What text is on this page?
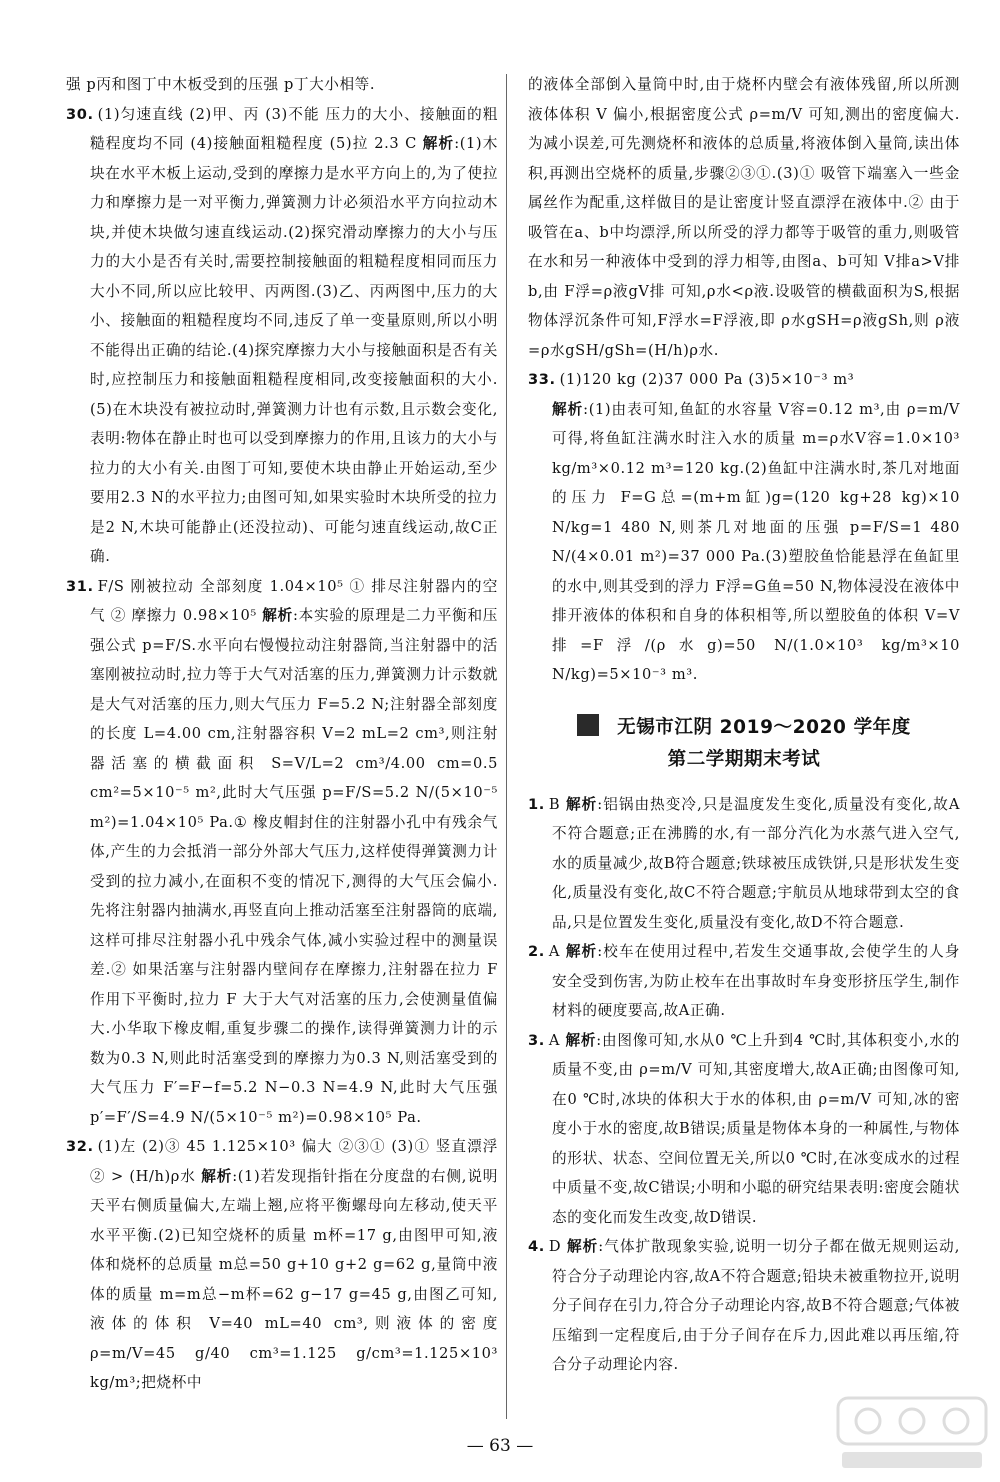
强 p丙和图丁中木板受到的压强 p丁大小相等.

30. (1)匀速直线 (2)甲、丙 (3)不能 压力的大小、接触面的粗糙程度均不同 (4)接触面粗糙程度 (5)拉 2.3 C 解析:(1)木块在水平木板上运动,受到的摩擦力是水平方向上的,为了使拉力和摩擦力是一对平衡力,弹簧测力计必须沿水平方向拉动木块,并使木块做匀速直线运动.(2)探究滑动摩擦力的大小与压力的大小是否有关时,需要控制接触面的粗糙程度相同而压力大小不同,所以应比较甲、丙两图.(3)乙、丙两图中,压力的大小、接触面的粗糙程度均不同,违反了单一变量原则,所以小明不能得出正确的结论.(4)探究摩擦力大小与接触面积是否有关时,应控制压力和接触面粗糙程度相同,改变接触面积的大小.(5)在木块没有被拉动时,弹簧测力计也有示数,且示数会变化,表明:物体在静止时也可以受到摩擦力的作用,且该力的大小与拉力的大小有关.由图丁可知,要使木块由静止开始运动,至少要用2.3 N的水平拉力;由图可知,如果实验时木块所受的拉力是2 N,木块可能静止(还没拉动)、可能匀速直线运动,故C正确.

31. F/S 刚被拉动 全部刻度 1.04×10⁵ ① 排尽注射器内的空气 ② 摩擦力 0.98×10⁵ 解析:本实验的原理是二力平衡和压强公式 p=F/S.水平向右慢慢拉动注射器筒,当注射器中的活塞刚被拉动时,拉力等于大气对活塞的压力,弹簧测力计示数就是大气对活塞的压力,则大气压力 F=5.2 N;注射器全部刻度的长度 L=4.00 cm,注射器容积 V=2 mL=2 cm³,则注射器活塞的横截面积 S=V/L=2 cm³/4.00 cm=0.5 cm²=5×10⁻⁵ m²,此时大气压强 p=F/S=5.2 N/(5×10⁻⁵ m²)=1.04×10⁵ Pa.① 橡皮帽封住的注射器小孔中有残余气体,产生的力会抵消一部分外部大气压力,这样使得弹簧测力计受到的拉力减小,在面积不变的情况下,测得的大气压会偏小.先将注射器内抽满水,再竖直向上推动活塞至注射器筒的底端,这样可排尽注射器小孔中残余气体,减小实验过程中的测量误差.② 如果活塞与注射器内壁间存在摩擦力,注射器在拉力 F 作用下平衡时,拉力 F 大于大气对活塞的压力,会使测量值偏大.小华取下橡皮帽,重复步骤二的操作,读得弹簧测力计的示数为0.3 N,则此时活塞受到的摩擦力为0.3 N,则活塞受到的大气压力 F′=F−f=5.2 N−0.3 N=4.9 N,此时大气压强 p′=F′/S=4.9 N/(5×10⁻⁵ m²)=0.98×10⁵ Pa.

32. (1)左 (2)③ 45 1.125×10³ 偏大 ②③① (3)① 竖直漂浮 ② > (H/h)ρ水 解析:(1)若发现指针指在分度盘的右侧,说明天平右侧质量偏大,左端上翘,应将平衡螺母向左移动,使天平水平平衡.(2)已知空烧杯的质量 m杯=17 g,由图甲可知,液体和烧杯的总质量 m总=50 g+10 g+2 g=62 g,量筒中液体的质量 m=m总−m杯=62 g−17 g=45 g,由图乙可知,液体的体积 V=40 mL=40 cm³,则液体的密度 ρ=m/V=45 g/40 cm³=1.125 g/cm³=1.125×10³ kg/m³;把烧杯中

的液体全部倒入量筒中时,由于烧杯内壁会有液体残留,所以所测液体体积 V 偏小,根据密度公式 ρ=m/V 可知,测出的密度偏大.为减小误差,可先测烧杯和液体的总质量,将液体倒入量筒,读出体积,再测出空烧杯的质量,步骤②③①.(3)① 吸管下端塞入一些金属丝作为配重,这样做目的是让密度计竖直漂浮在液体中.② 由于吸管在a、b中均漂浮,所以所受的浮力都等于吸管的重力,则吸管在水和另一种液体中受到的浮力相等,由图a、b可知 V排a>V排b,由 F浮=ρ液gV排 可知,ρ水<ρ液.设吸管的横截面积为S,根据物体浮沉条件可知,F浮水=F浮液,即 ρ水gSH=ρ液gSh,则 ρ液=ρ水gSH/gSh=(H/h)ρ水.

33. (1)120 kg (2)37 000 Pa (3)5×10⁻³ m³
解析:(1)由表可知,鱼缸的水容量 V容=0.12 m³,由 ρ=m/V 可得,将鱼缸注满水时注入水的质量 m=ρ水V容=1.0×10³ kg/m³×0.12 m³=120 kg.(2)鱼缸中注满水时,茶几对地面的压力 F=G总=(m+m缸)g=(120 kg+28 kg)×10 N/kg=1 480 N,则茶几对地面的压强 p=F/S=1 480 N/(4×0.01 m²)=37 000 Pa.(3)塑胶鱼恰能悬浮在鱼缸里的水中,则其受到的浮力 F浮=G鱼=50 N,物体浸没在液体中排开液体的体积和自身的体积相等,所以塑胶鱼的体积 V=V排=F浮/(ρ水g)=50 N/(1.0×10³ kg/m³×10 N/kg)=5×10⁻³ m³.

无锡市江阴 2019～2020 学年度
第二学期期末考试

1. B 解析:铝锅由热变冷,只是温度发生变化,质量没有变化,故A不符合题意;正在沸腾的水,有一部分汽化为水蒸气进入空气,水的质量减少,故B符合题意;铁球被压成铁饼,只是形状发生变化,质量没有变化,故C不符合题意;宇航员从地球带到太空的食品,只是位置发生变化,质量没有变化,故D不符合题意.

2. A 解析:校车在使用过程中,若发生交通事故,会使学生的人身安全受到伤害,为防止校车在出事故时车身变形挤压学生,制作材料的硬度要高,故A正确.

3. A 解析:由图像可知,水从0 ℃上升到4 ℃时,其体积变小,水的质量不变,由 ρ=m/V 可知,其密度增大,故A正确;由图像可知,在0 ℃时,冰块的体积大于水的体积,由 ρ=m/V 可知,冰的密度小于水的密度,故B错误;质量是物体本身的一种属性,与物体的形状、状态、空间位置无关,所以0 ℃时,在冰变成水的过程中质量不变,故C错误;小明和小聪的研究结果表明:密度会随状态的变化而发生改变,故D错误.

4. D 解析:气体扩散现象实验,说明一切分子都在做无规则运动,符合分子动理论内容,故A不符合题意;铅块未被重物拉开,说明分子间存在引力,符合分子动理论内容,故B不符合题意;气体被压缩到一定程度后,由于分子间存在斥力,因此难以再压缩,符合分子动理论内容.

— 63 —
